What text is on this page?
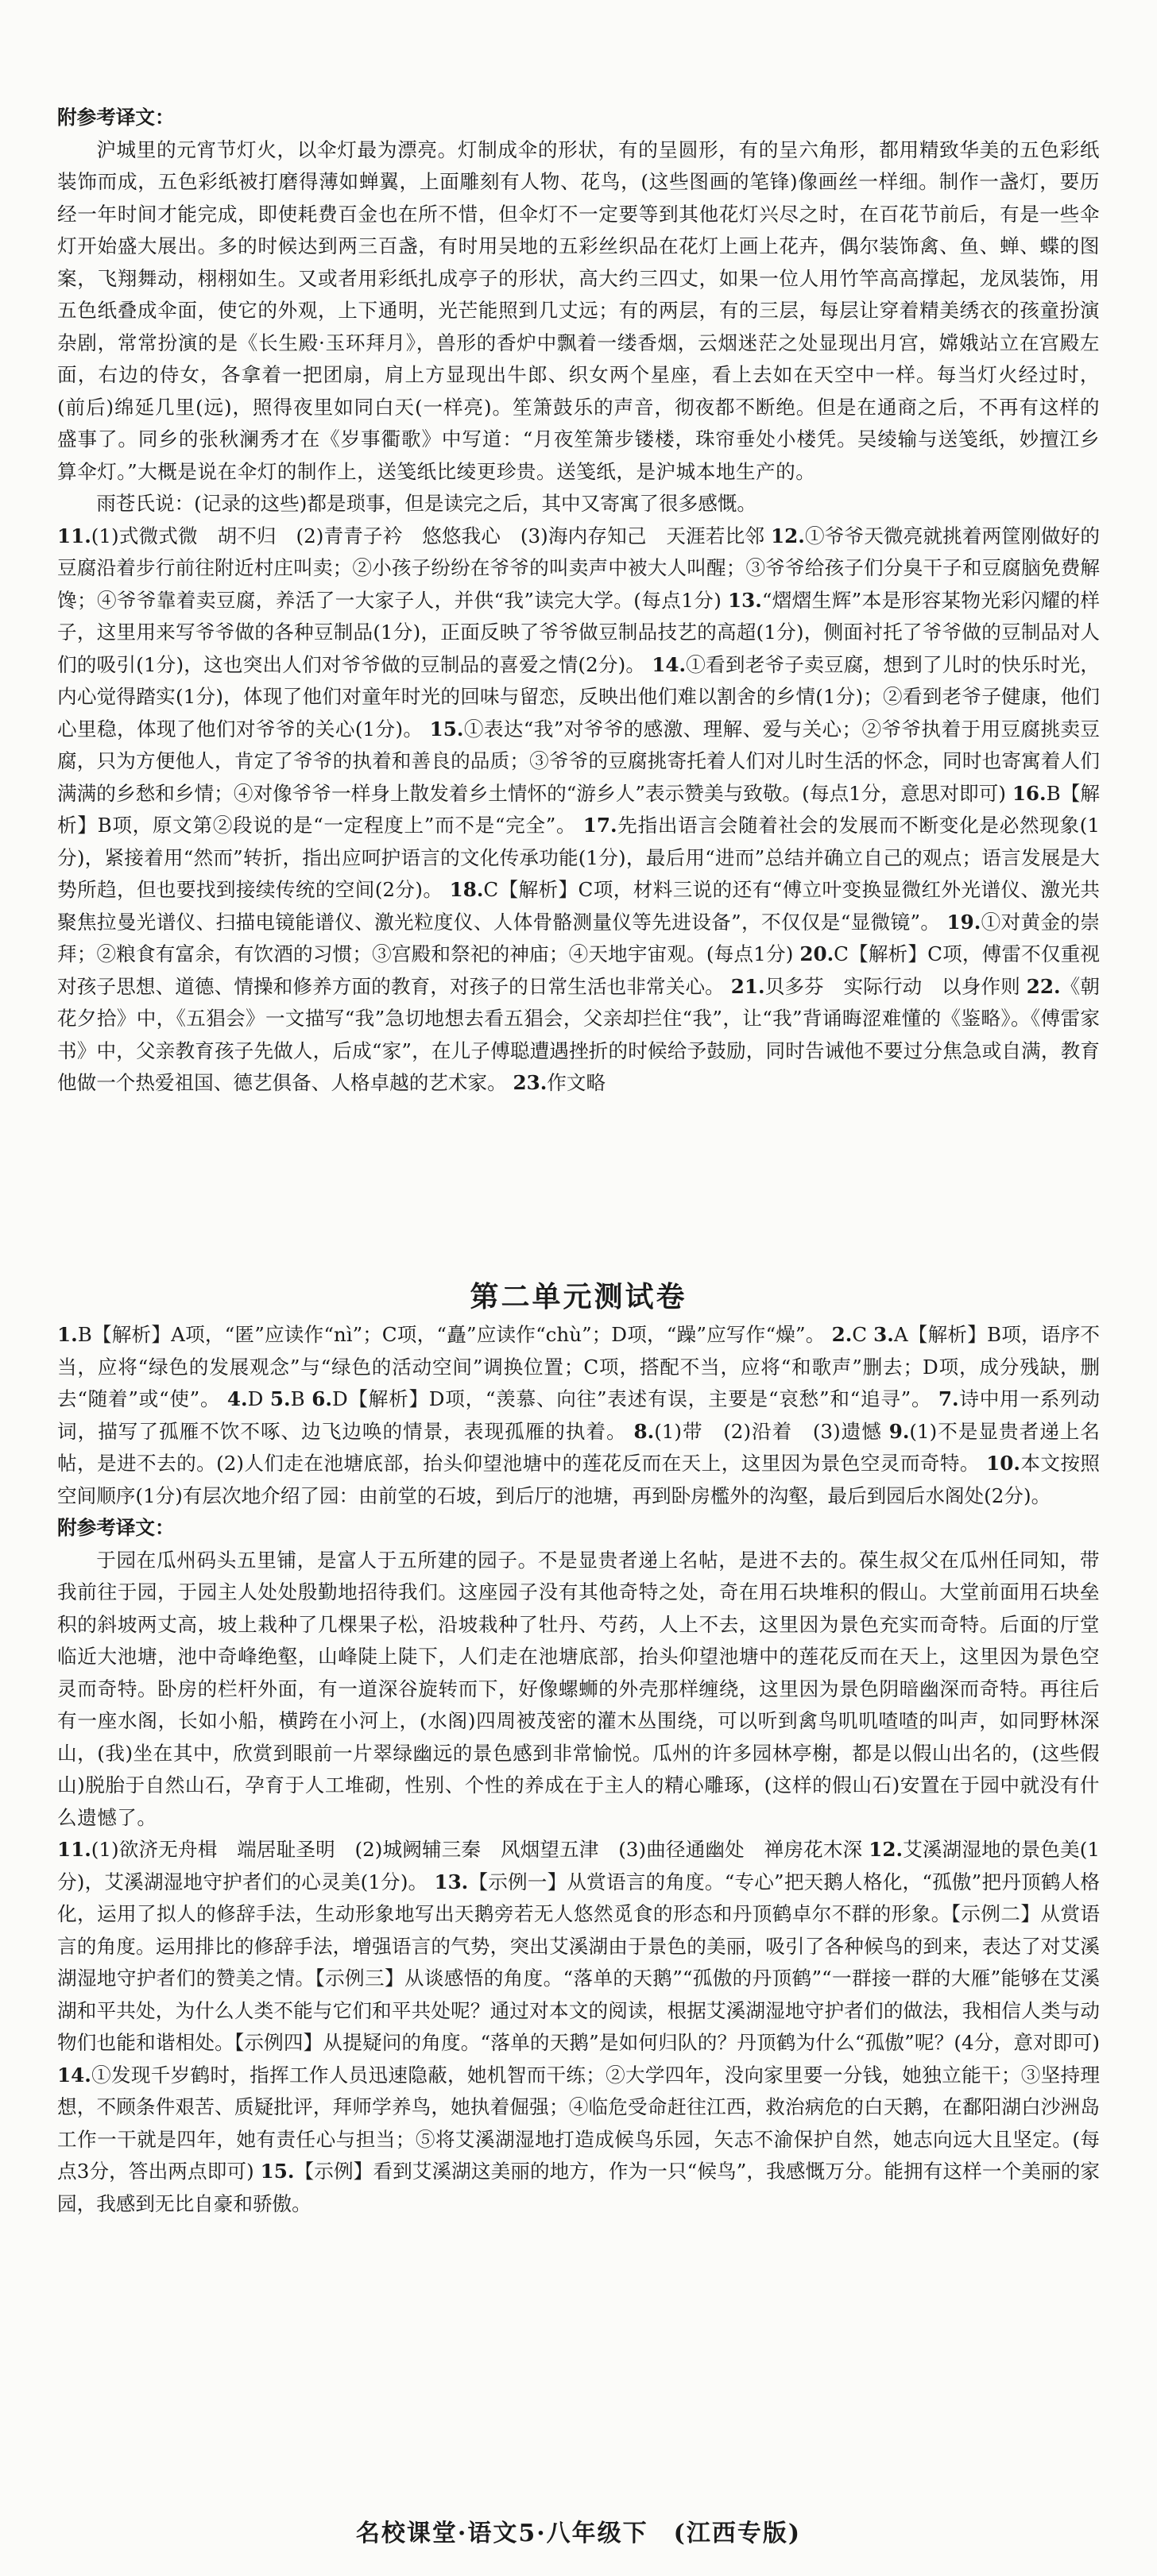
附参考译文：

沪城里的元宵节灯火，以伞灯最为漂亮。灯制成伞的形状，有的呈圆形，有的呈六角形，都用精致华美的五色彩纸装饰而成，五色彩纸被打磨得薄如蝉翼，上面雕刻有人物、花鸟，(这些图画的笔锋)像画丝一样细。制作一盏灯，要历经一年时间才能完成，即使耗费百金也在所不惜，但伞灯不一定要等到其他花灯兴尽之时，在百花节前后，有是一些伞灯开始盛大展出。多的时候达到两三百盏，有时用吴地的五彩丝织品在花灯上画上花卉，偶尔装饰禽、鱼、蝉、蝶的图案，飞翔舞动，栩栩如生。又或者用彩纸扎成亭子的形状，高大约三四丈，如果一位人用竹竿高高撑起，龙凤装饰，用五色纸叠成伞面，使它的外观，上下通明，光芒能照到几丈远；有的两层，有的三层，每层让穿着精美绣衣的孩童扮演杂剧，常常扮演的是《长生殿·玉环拜月》，兽形的香炉中飘着一缕香烟，云烟迷茫之处显现出月宫，嫦娥站立在宫殿左面，右边的侍女，各拿着一把团扇，肩上方显现出牛郎、织女两个星座，看上去如在天空中一样。每当灯火经过时，(前后)绵延几里(远)，照得夜里如同白天(一样亮)。笙箫鼓乐的声音，彻夜都不断绝。但是在通商之后，不再有这样的盛事了。同乡的张秋澜秀才在《岁事衢歌》中写道：“月夜笙箫步镂楼，珠帘垂处小楼凭。吴绫输与送笺纸，妙擅江乡算伞灯。”大概是说在伞灯的制作上，送笺纸比绫更珍贵。送笺纸，是沪城本地生产的。

雨苍氏说：(记录的这些)都是琐事，但是读完之后，其中又寄寓了很多感慨。

11.(1)式微式微　胡不归　(2)青青子衿　悠悠我心　(3)海内存知己　天涯若比邻 12.①爷爷天微亮就挑着两筐刚做好的豆腐沿着步行前往附近村庄叫卖；②小孩子纷纷在爷爷的叫卖声中被大人叫醒；③爷爷给孩子们分臭干子和豆腐脑免费解馋；④爷爷靠着卖豆腐，养活了一大家子人，并供“我”读完大学。(每点1分) 13.“熠熠生辉”本是形容某物光彩闪耀的样子，这里用来写爷爷做的各种豆制品(1分)，正面反映了爷爷做豆制品技艺的高超(1分)，侧面衬托了爷爷做的豆制品对人们的吸引(1分)，这也突出人们对爷爷做的豆制品的喜爱之情(2分)。 14.①看到老爷子卖豆腐，想到了儿时的快乐时光，内心觉得踏实(1分)，体现了他们对童年时光的回味与留恋，反映出他们难以割舍的乡情(1分)；②看到老爷子健康，他们心里稳，体现了他们对爷爷的关心(1分)。 15.①表达“我”对爷爷的感激、理解、爱与关心；②爷爷执着于用豆腐挑卖豆腐，只为方便他人，肯定了爷爷的执着和善良的品质；③爷爷的豆腐挑寄托着人们对儿时生活的怀念，同时也寄寓着人们满满的乡愁和乡情；④对像爷爷一样身上散发着乡土情怀的“游乡人”表示赞美与致敬。(每点1分，意思对即可) 16.B【解析】B项，原文第②段说的是“一定程度上”而不是“完全”。 17.先指出语言会随着社会的发展而不断变化是必然现象(1分)，紧接着用“然而”转折，指出应呵护语言的文化传承功能(1分)，最后用“进而”总结并确立自己的观点；语言发展是大势所趋，但也要找到接续传统的空间(2分)。 18.C【解析】C项，材料三说的还有“傅立叶变换显微红外光谱仪、激光共聚焦拉曼光谱仪、扫描电镜能谱仪、激光粒度仪、人体骨骼测量仪等先进设备”，不仅仅是“显微镜”。 19.①对黄金的崇拜；②粮食有富余，有饮酒的习惯；③宫殿和祭祀的神庙；④天地宇宙观。(每点1分) 20.C【解析】C项，傅雷不仅重视对孩子思想、道德、情操和修养方面的教育，对孩子的日常生活也非常关心。 21.贝多芬　实际行动　以身作则 22.《朝花夕拾》中，《五猖会》一文描写“我”急切地想去看五猖会，父亲却拦住“我”，让“我”背诵晦涩难懂的《鉴略》。《傅雷家书》中，父亲教育孩子先做人，后成“家”，在儿子傅聪遭遇挫折的时候给予鼓励，同时告诫他不要过分焦急或自满，教育他做一个热爱祖国、德艺俱备、人格卓越的艺术家。 23.作文略

第二单元测试卷

1.B【解析】A项，“匿”应读作“nì”；C项，“矗”应读作“chù”；D项，“躁”应写作“燥”。 2.C 3.A【解析】B项，语序不当，应将“绿色的发展观念”与“绿色的活动空间”调换位置；C项，搭配不当，应将“和歌声”删去；D项，成分残缺，删去“随着”或“使”。 4.D 5.B 6.D【解析】D项，“羡慕、向往”表述有误，主要是“哀愁”和“追寻”。 7.诗中用一系列动词，描写了孤雁不饮不啄、边飞边唤的情景，表现孤雁的执着。 8.(1)带　(2)沿着　(3)遗憾 9.(1)不是显贵者递上名帖，是进不去的。(2)人们走在池塘底部，抬头仰望池塘中的莲花反而在天上，这里因为景色空灵而奇特。 10.本文按照空间顺序(1分)有层次地介绍了园：由前堂的石坡，到后厅的池塘，再到卧房檻外的沟壑，最后到园后水阁处(2分)。

附参考译文：

于园在瓜州码头五里铺，是富人于五所建的园子。不是显贵者递上名帖，是进不去的。葆生叔父在瓜州任同知，带我前往于园，于园主人处处殷勤地招待我们。这座园子没有其他奇特之处，奇在用石块堆积的假山。大堂前面用石块垒积的斜坡两丈高，坡上栽种了几棵果子松，沿坡栽种了牡丹、芍药，人上不去，这里因为景色充实而奇特。后面的厅堂临近大池塘，池中奇峰绝壑，山峰陡上陡下，人们走在池塘底部，抬头仰望池塘中的莲花反而在天上，这里因为景色空灵而奇特。卧房的栏杆外面，有一道深谷旋转而下，好像螺蛳的外壳那样缠绕，这里因为景色阴暗幽深而奇特。再往后有一座水阁，长如小船，横跨在小河上，(水阁)四周被茂密的灌木丛围绕，可以听到禽鸟叽叽喳喳的叫声，如同野林深山，(我)坐在其中，欣赏到眼前一片翠绿幽远的景色感到非常愉悦。瓜州的许多园林亭榭，都是以假山出名的，(这些假山)脱胎于自然山石，孕育于人工堆砌，性别、个性的养成在于主人的精心雕琢，(这样的假山石)安置在于园中就没有什么遗憾了。

11.(1)欲济无舟楫　端居耻圣明　(2)城阙辅三秦　风烟望五津　(3)曲径通幽处　禅房花木深 12.艾溪湖湿地的景色美(1分)，艾溪湖湿地守护者们的心灵美(1分)。 13.【示例一】从赏语言的角度。“专心”把天鹅人格化，“孤傲”把丹顶鹤人格化，运用了拟人的修辞手法，生动形象地写出天鹅旁若无人悠然觅食的形态和丹顶鹤卓尔不群的形象。【示例二】从赏语言的角度。运用排比的修辞手法，增强语言的气势，突出艾溪湖由于景色的美丽，吸引了各种候鸟的到来，表达了对艾溪湖湿地守护者们的赞美之情。【示例三】从谈感悟的角度。“落单的天鹅”“孤傲的丹顶鹤”“一群接一群的大雁”能够在艾溪湖和平共处，为什么人类不能与它们和平共处呢？通过对本文的阅读，根据艾溪湖湿地守护者们的做法，我相信人类与动物们也能和谐相处。【示例四】从提疑问的角度。“落单的天鹅”是如何归队的？丹顶鹤为什么“孤傲”呢？(4分，意对即可) 14.①发现千岁鹤时，指挥工作人员迅速隐蔽，她机智而干练；②大学四年，没向家里要一分钱，她独立能干；③坚持理想，不顾条件艰苦、质疑批评，拜师学养鸟，她执着倔强；④临危受命赶往江西，救治病危的白天鹅，在鄱阳湖白沙洲岛工作一干就是四年，她有责任心与担当；⑤将艾溪湖湿地打造成候鸟乐园，矢志不渝保护自然，她志向远大且坚定。(每点3分，答出两点即可) 15.【示例】看到艾溪湖这美丽的地方，作为一只“候鸟”，我感慨万分。能拥有这样一个美丽的家园，我感到无比自豪和骄傲。

名校课堂·语文5·八年级下　(江西专版)
